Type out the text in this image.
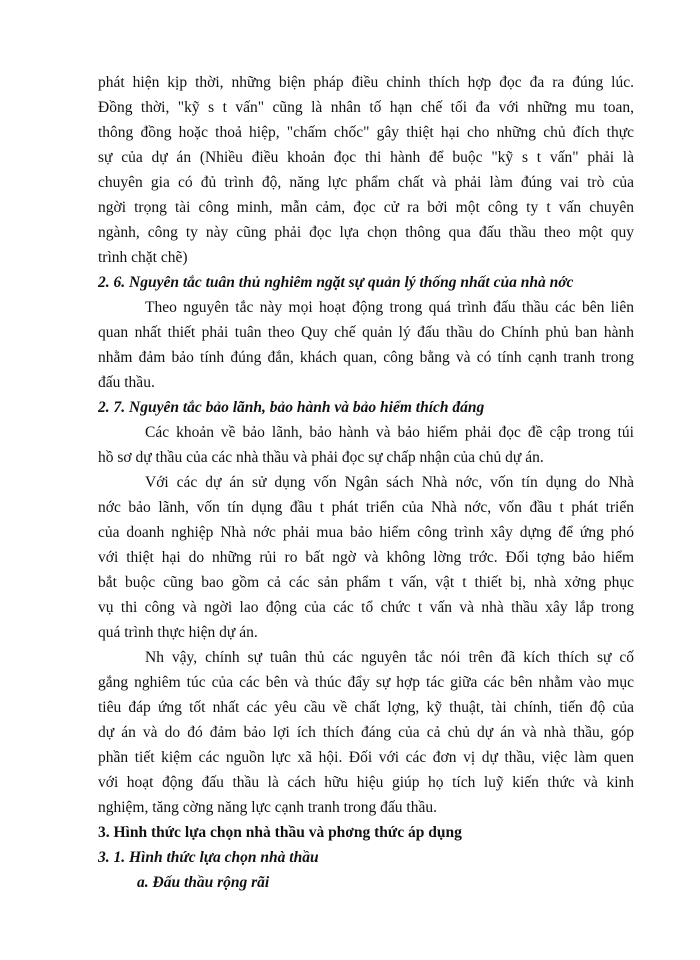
phát hiện kịp thời, những biện pháp điều chỉnh thích hợp đọc đa ra đúng lúc.
Đồng thời, "kỹ s t vấn" cũng là nhân tố hạn chế tối đa với những mu toan,
thông đồng hoặc thoả hiệp, "chấm chốc" gây thiệt hại cho những chủ đích thực
sự của dự án (Nhiều điều khoản đọc thi hành để buộc "kỹ s t vấn" phải là
chuyên gia có đủ trình độ, năng lực phẩm chất và phải làm đúng vai trò của
ngời trọng tài công minh, mẫn cảm, đọc cử ra bởi một công ty t vấn chuyên
ngành, công ty này cũng phải đọc lựa chọn thông qua đấu thầu theo một quy
trình chặt chẽ)
2. 6. Nguyên tắc tuân thủ nghiêm ngặt sự quản lý thống nhất của nhà nớc
Theo nguyên tắc này mọi hoạt động trong quá trình đấu thầu các bên liên
quan nhất thiết phải tuân theo Quy chế quản lý đấu thầu do Chính phủ ban hành
nhằm đảm bảo tính đúng đắn, khách quan, công bằng và có tính cạnh tranh trong
đấu thầu.
2. 7. Nguyên tắc bảo lãnh, bảo hành và bảo hiểm thích đáng
Các khoản về bảo lãnh, bảo hành và bảo hiểm phải đọc đề cập trong túi
hồ sơ dự thầu của các nhà thầu và phải đọc sự chấp nhận của chủ dự án.
Với các dự án sử dụng vốn Ngân sách Nhà nớc, vốn tín dụng do Nhà
nớc bảo lãnh, vốn tín dụng đầu t phát triển của Nhà nớc, vốn đầu t phát triển
của doanh nghiệp Nhà nớc phải mua bảo hiểm công trình xây dựng để ứng phó
với thiệt hại do những rủi ro bất ngờ và không lờng trớc. Đối tợng bảo hiểm
bắt buộc cũng bao gồm cả các sản phẩm t vấn, vật t thiết bị, nhà xởng phục
vụ thi công và ngời lao động của các tổ chức t vấn và nhà thầu xây lắp trong
quá trình thực hiện dự án.
Nh vậy, chính sự tuân thủ các nguyên tắc nói trên đã kích thích sự cố
gắng nghiêm túc của các bên và thúc đẩy sự hợp tác giữa các bên nhằm vào mục
tiêu đáp ứng tốt nhất các yêu cầu về chất lợng, kỹ thuật, tài chính, tiến độ của
dự án và do đó đảm bảo lợi ích thích đáng của cả chủ dự án và nhà thầu, góp
phần tiết kiệm các nguồn lực xã hội. Đối với các đơn vị dự thầu, việc làm quen
với hoạt động đấu thầu là cách hữu hiệu giúp họ tích luỹ kiến thức và kinh
nghiệm, tăng cờng năng lực cạnh tranh trong đấu thầu.
3. Hình thức lựa chọn nhà thầu và phơng thức áp dụng
3. 1. Hình thức lựa chọn nhà thầu
a. Đấu thầu rộng rãi
